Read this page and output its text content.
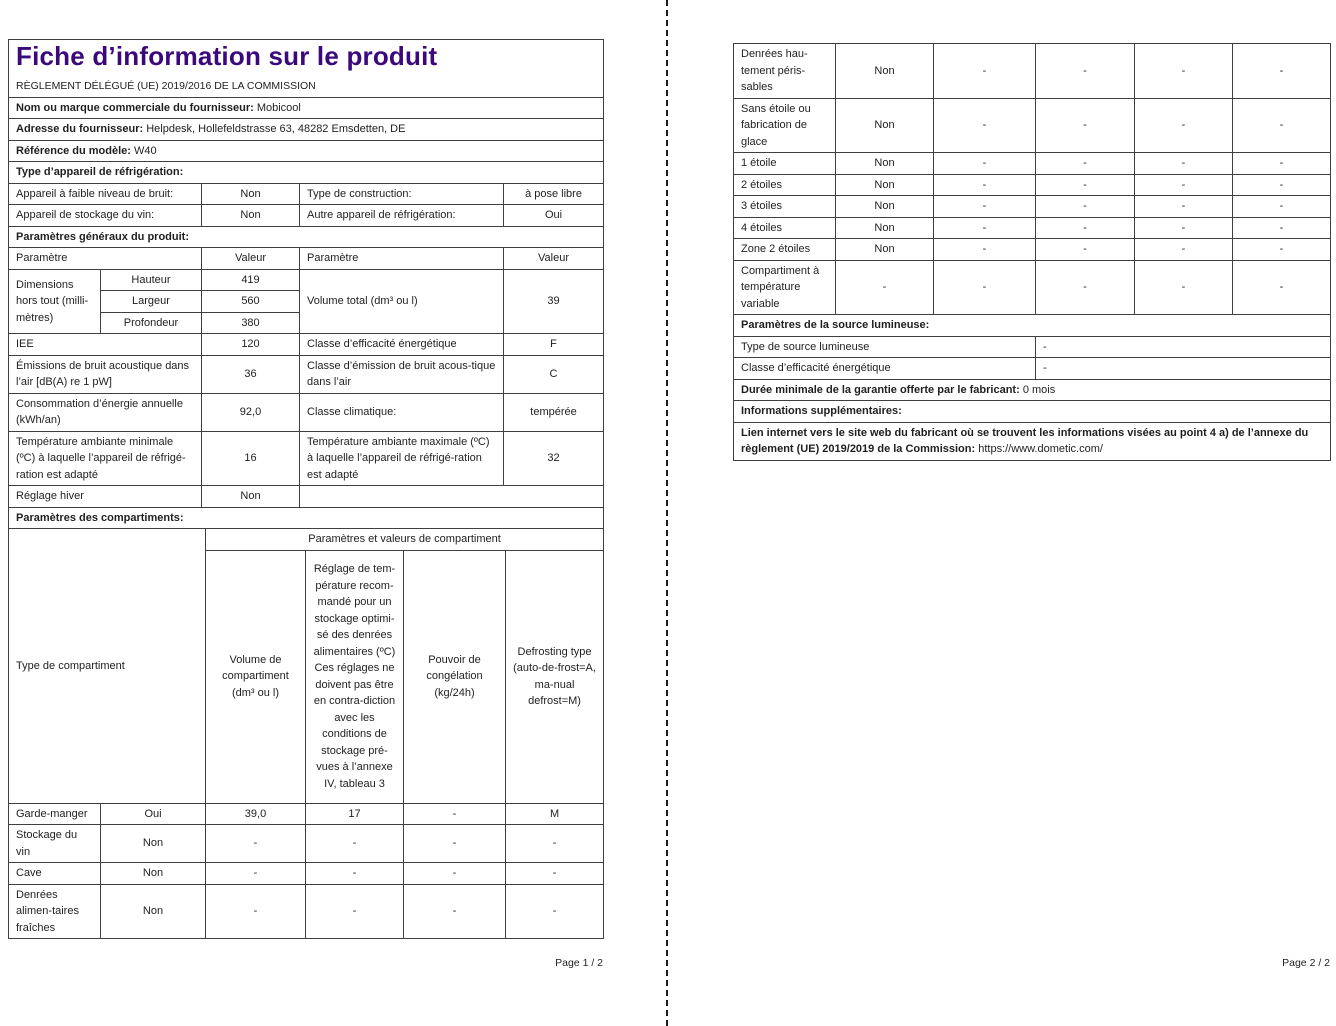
Fiche d’information sur le produit
RÈGLEMENT DÉLÉGUÉ (UE) 2019/2016 DE LA COMMISSION

Nom ou marque commerciale du fournisseur: Mobicool
Adresse du fournisseur: Helpdesk, Hollefeldstrasse 63, 48282 Emsdetten, DE
Référence du modèle: W40
Type d’appareil de réfrigération:
Appareil à faible niveau de bruit:	Non	Type de construction:	à pose libre
Appareil de stockage du vin:	Non	Autre appareil de réfrigération:	Oui
Paramètres généraux du produit:				
Paramètre		Valeur	Paramètre	Valeur
Dimensions hors tout (milli-mètres)	Hauteur	419	Volume total (dm³ ou l)	39
	Largeur	560		
	Profondeur	380		
IEE		120	Classe d’efficacité énergétique	F
Émissions de bruit acoustique dans l’air [dB(A) re 1 pW]		36	Classe d’émission de bruit acous-tique dans l’air	C
Consommation d’énergie annuelle (kWh/an)		92,0	Classe climatique:	tempérée
Température ambiante minimale (ºC) à laquelle l’appareil de réfrigé-ration est adapté		16	Température ambiante maximale (ºC) à laquelle l’appareil de réfrigé-ration est adapté	32
Réglage hiver		Non		
Paramètres des compartiments:					
Type de compartiment		Paramètres et valeurs de compartiment			
		Volume de compartiment (dm³ ou l)	Réglage de tem-pérature recom-mandé pour un stockage optimi-sé des denrées alimentaires (ºC) Ces réglages ne doivent pas être en contra-diction avec les conditions de stockage pré-vues à l’annexe IV, tableau 3	Pouvoir de congélation (kg/24h)	Defrosting type (auto-de-frost=A, ma-nual defrost=M)
Garde-manger	Oui	39,0	17	-	M
Stockage du vin	Non	-	-	-	-
Cave	Non	-	-	-	-
Denrées alimen-taires fraîches	Non	-	-	-	-
Denrées hau-tement péris-sables	Non	-	-	-	-
Sans étoile ou fabrication de glace	Non	-	-	-	-
1 étoile	Non	-	-	-	-
2 étoiles	Non	-	-	-	-
3 étoiles	Non	-	-	-	-
4 étoiles	Non	-	-	-	-
Zone 2 étoiles	Non	-	-	-	-
Compartiment à température variable	-	-	-	-	-
Paramètres de la source lumineuse:					
Type de source lumineuse			-		
Classe d’efficacité énergétique			-		
Durée minimale de la garantie offerte par le fabricant: 0 mois					
Informations supplémentaires:					
Lien internet vers le site web du fabricant où se trouvent les informations visées au point 4 a) de l’annexe du règlement (UE) 2019/2019 de la Commission: https://www.dometic.com/					
Page 1 / 2	Page 2 / 2
